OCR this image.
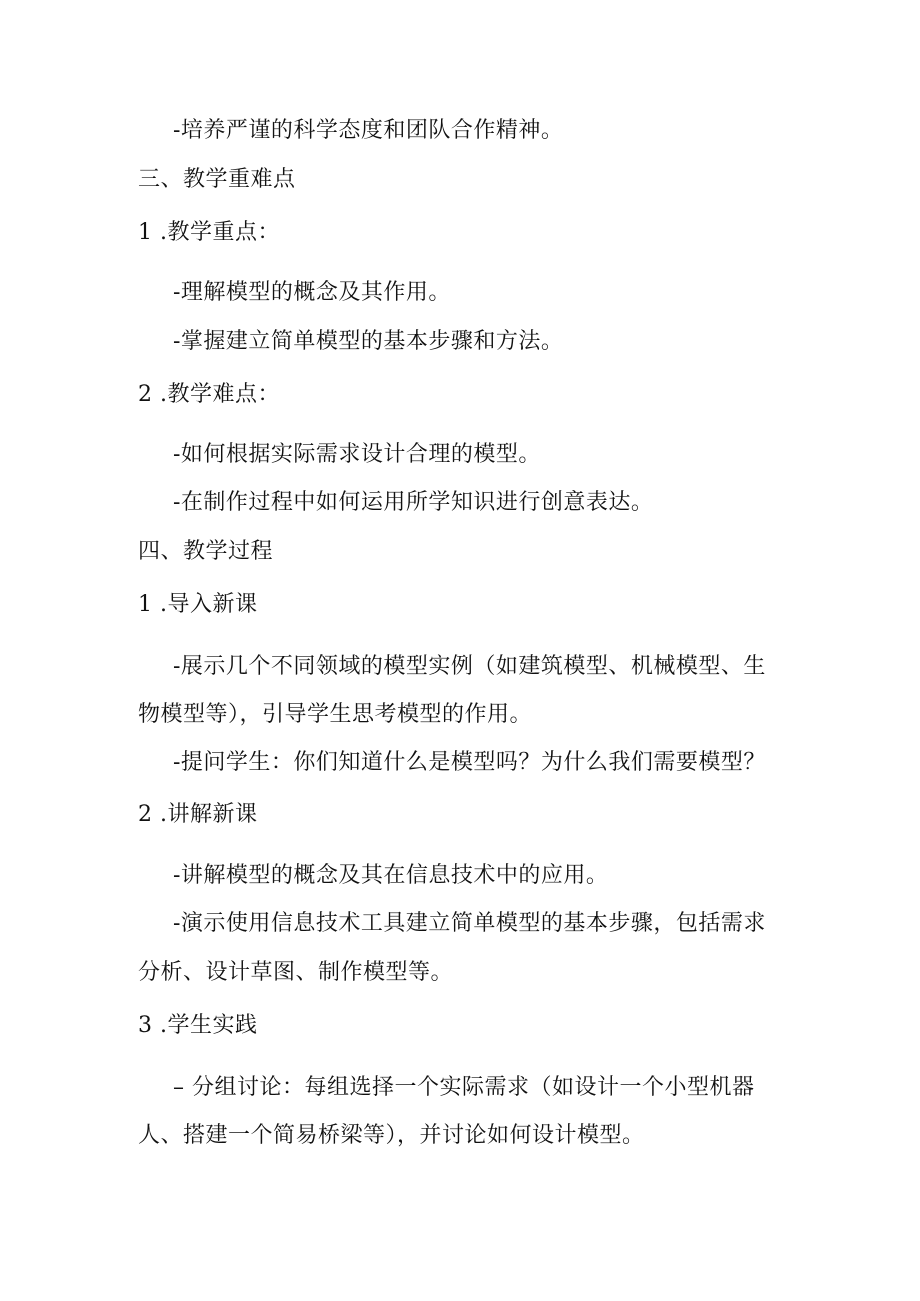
-培养严谨的科学态度和团队合作精神。
三、教学重难点
1 .教学重点：
-理解模型的概念及其作用。
-掌握建立简单模型的基本步骤和方法。
2 .教学难点：
-如何根据实际需求设计合理的模型。
-在制作过程中如何运用所学知识进行创意表达。
四、教学过程
1 .导入新课
-展示几个不同领域的模型实例（如建筑模型、机械模型、生
物模型等），引导学生思考模型的作用。
-提问学生：你们知道什么是模型吗？为什么我们需要模型？
2 .讲解新课
-讲解模型的概念及其在信息技术中的应用。
-演示使用信息技术工具建立简单模型的基本步骤，包括需求
分析、设计草图、制作模型等。
3 .学生实践
– 分组讨论：每组选择一个实际需求（如设计一个小型机器
人、搭建一个简易桥梁等），并讨论如何设计模型。
